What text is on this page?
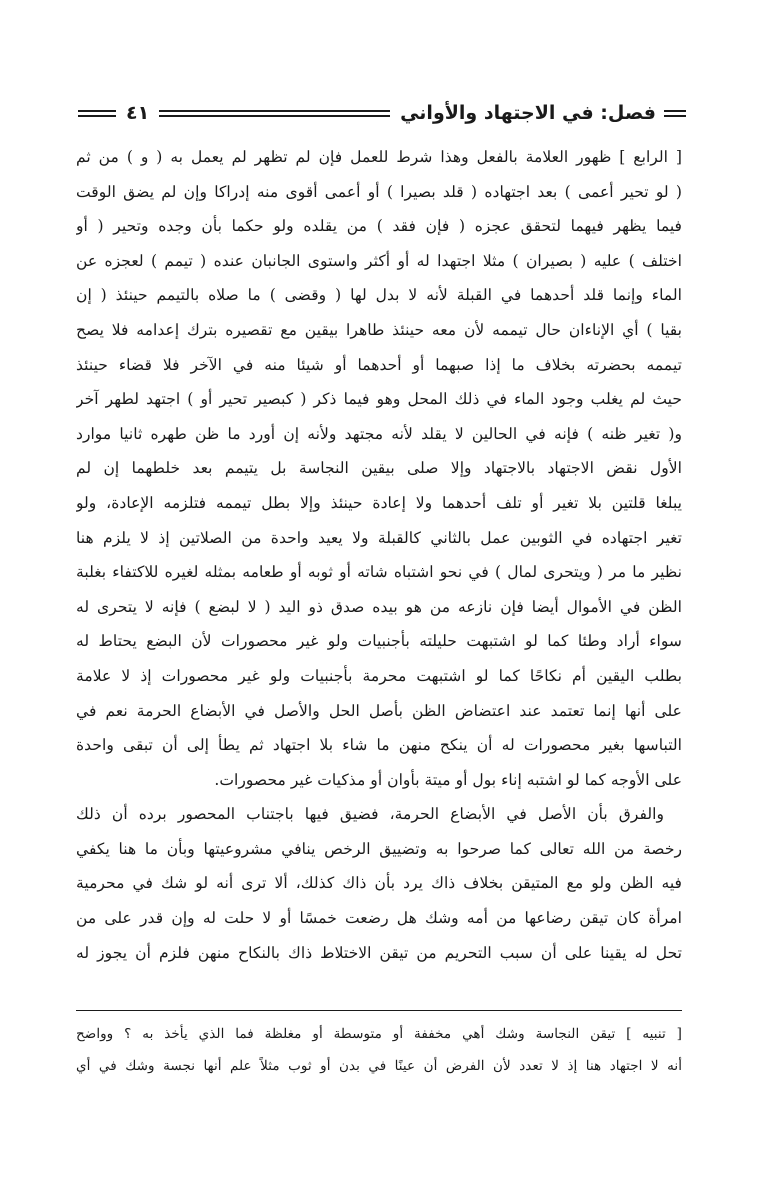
فصل: في الاجتهاد والأواني
٤١
[ الرابع ] ظهور العلامة بالفعل وهذا شرط للعمل فإن لم تظهر لم يعمل به ( و ) من ثم
( لو تحير أعمى ) بعد اجتهاده ( قلد بصيرا ) أو أعمى أقوى منه إدراكا وإن لم يضق الوقت
فيما يظهر فيهما لتحقق عجزه ( فإن فقد ) من يقلده ولو حكما بأن وجده وتحير ( أو
اختلف ) عليه ( بصيران ) مثلا اجتهدا له أو أكثر واستوى الجانبان عنده ( تيمم ) لعجزه عن
الماء وإنما قلد أحدهما في القبلة لأنه لا بدل لها ( وقضى ) ما صلاه بالتيمم حينئذ ( إن
بقيا ) أي الإناءان حال تيممه لأن معه حينئذ طاهرا بيقين مع تقصيره بترك إعدامه فلا يصح
تيممه بحضرته بخلاف ما إذا صبهما أو أحدهما أو شيئا منه في الآخر فلا قضاء حينئذ
حيث لم يغلب وجود الماء في ذلك المحل وهو فيما ذكر ( كبصير تحير أو ) اجتهد لطهر آخر
و( تغير ظنه ) فإنه في الحالين لا يقلد لأنه مجتهد ولأنه إن أورد ما ظن طهره ثانيا موارد
الأول نقض الاجتهاد بالاجتهاد وإلا صلى بيقين النجاسة بل يتيمم بعد خلطهما إن لم
يبلغا قلتين بلا تغير أو تلف أحدهما ولا إعادة حينئذ وإلا بطل تيممه فتلزمه الإعادة، ولو
تغير اجتهاده في الثوبين عمل بالثاني كالقبلة ولا يعيد واحدة من الصلاتين إذ لا يلزم هنا
نظير ما مر ( ويتحرى لمال ) في نحو اشتباه شاته أو ثوبه أو طعامه بمثله لغيره للاكتفاء بغلبة
الظن في الأموال أيضا فإن نازعه من هو بيده صدق ذو اليد ( لا لبضع ) فإنه لا يتحرى له
سواء أراد وطئا كما لو اشتبهت حليلته بأجنبيات ولو غير محصورات لأن البضع يحتاط له
بطلب اليقين أم نكاحًا كما لو اشتبهت محرمة بأجنبيات ولو غير محصورات إذ لا علامة
على أنها إنما تعتمد عند اعتضاض الظن بأصل الحل والأصل في الأبضاع الحرمة نعم في
التباسها بغير محصورات له أن ينكح منهن ما شاء بلا اجتهاد ثم يطأ إلى أن تبقى واحدة
على الأوجه كما لو اشتبه إناء بول أو ميتة بأوان أو مذكيات غير محصورات.
والفرق بأن الأصل في الأبضاع الحرمة، فضيق فيها باجتناب المحصور برده أن ذلك
رخصة من الله تعالى كما صرحوا به وتضييق الرخص ينافي مشروعيتها وبأن ما هنا يكفي
فيه الظن ولو مع المتيقن بخلاف ذاك يرد بأن ذاك كذلك، ألا ترى أنه لو شك في محرمية
امرأة كان تيقن رضاعها من أمه وشك هل رضعت خمسًا أو لا حلت له وإن قدر على من
تحل له يقينا على أن سبب التحريم من تيقن الاختلاط ذاك بالنكاح منهن فلزم أن يجوز له
[ تنبيه ] تيقن النجاسة وشك أهي مخففة أو متوسطة أو مغلظة فما الذي يأخذ به ؟ وواضح
أنه لا اجتهاد هنا إذ لا تعدد لأن الفرض أن عينًا في بدن أو ثوب مثلاً علم أنها نجسة وشك في أي
